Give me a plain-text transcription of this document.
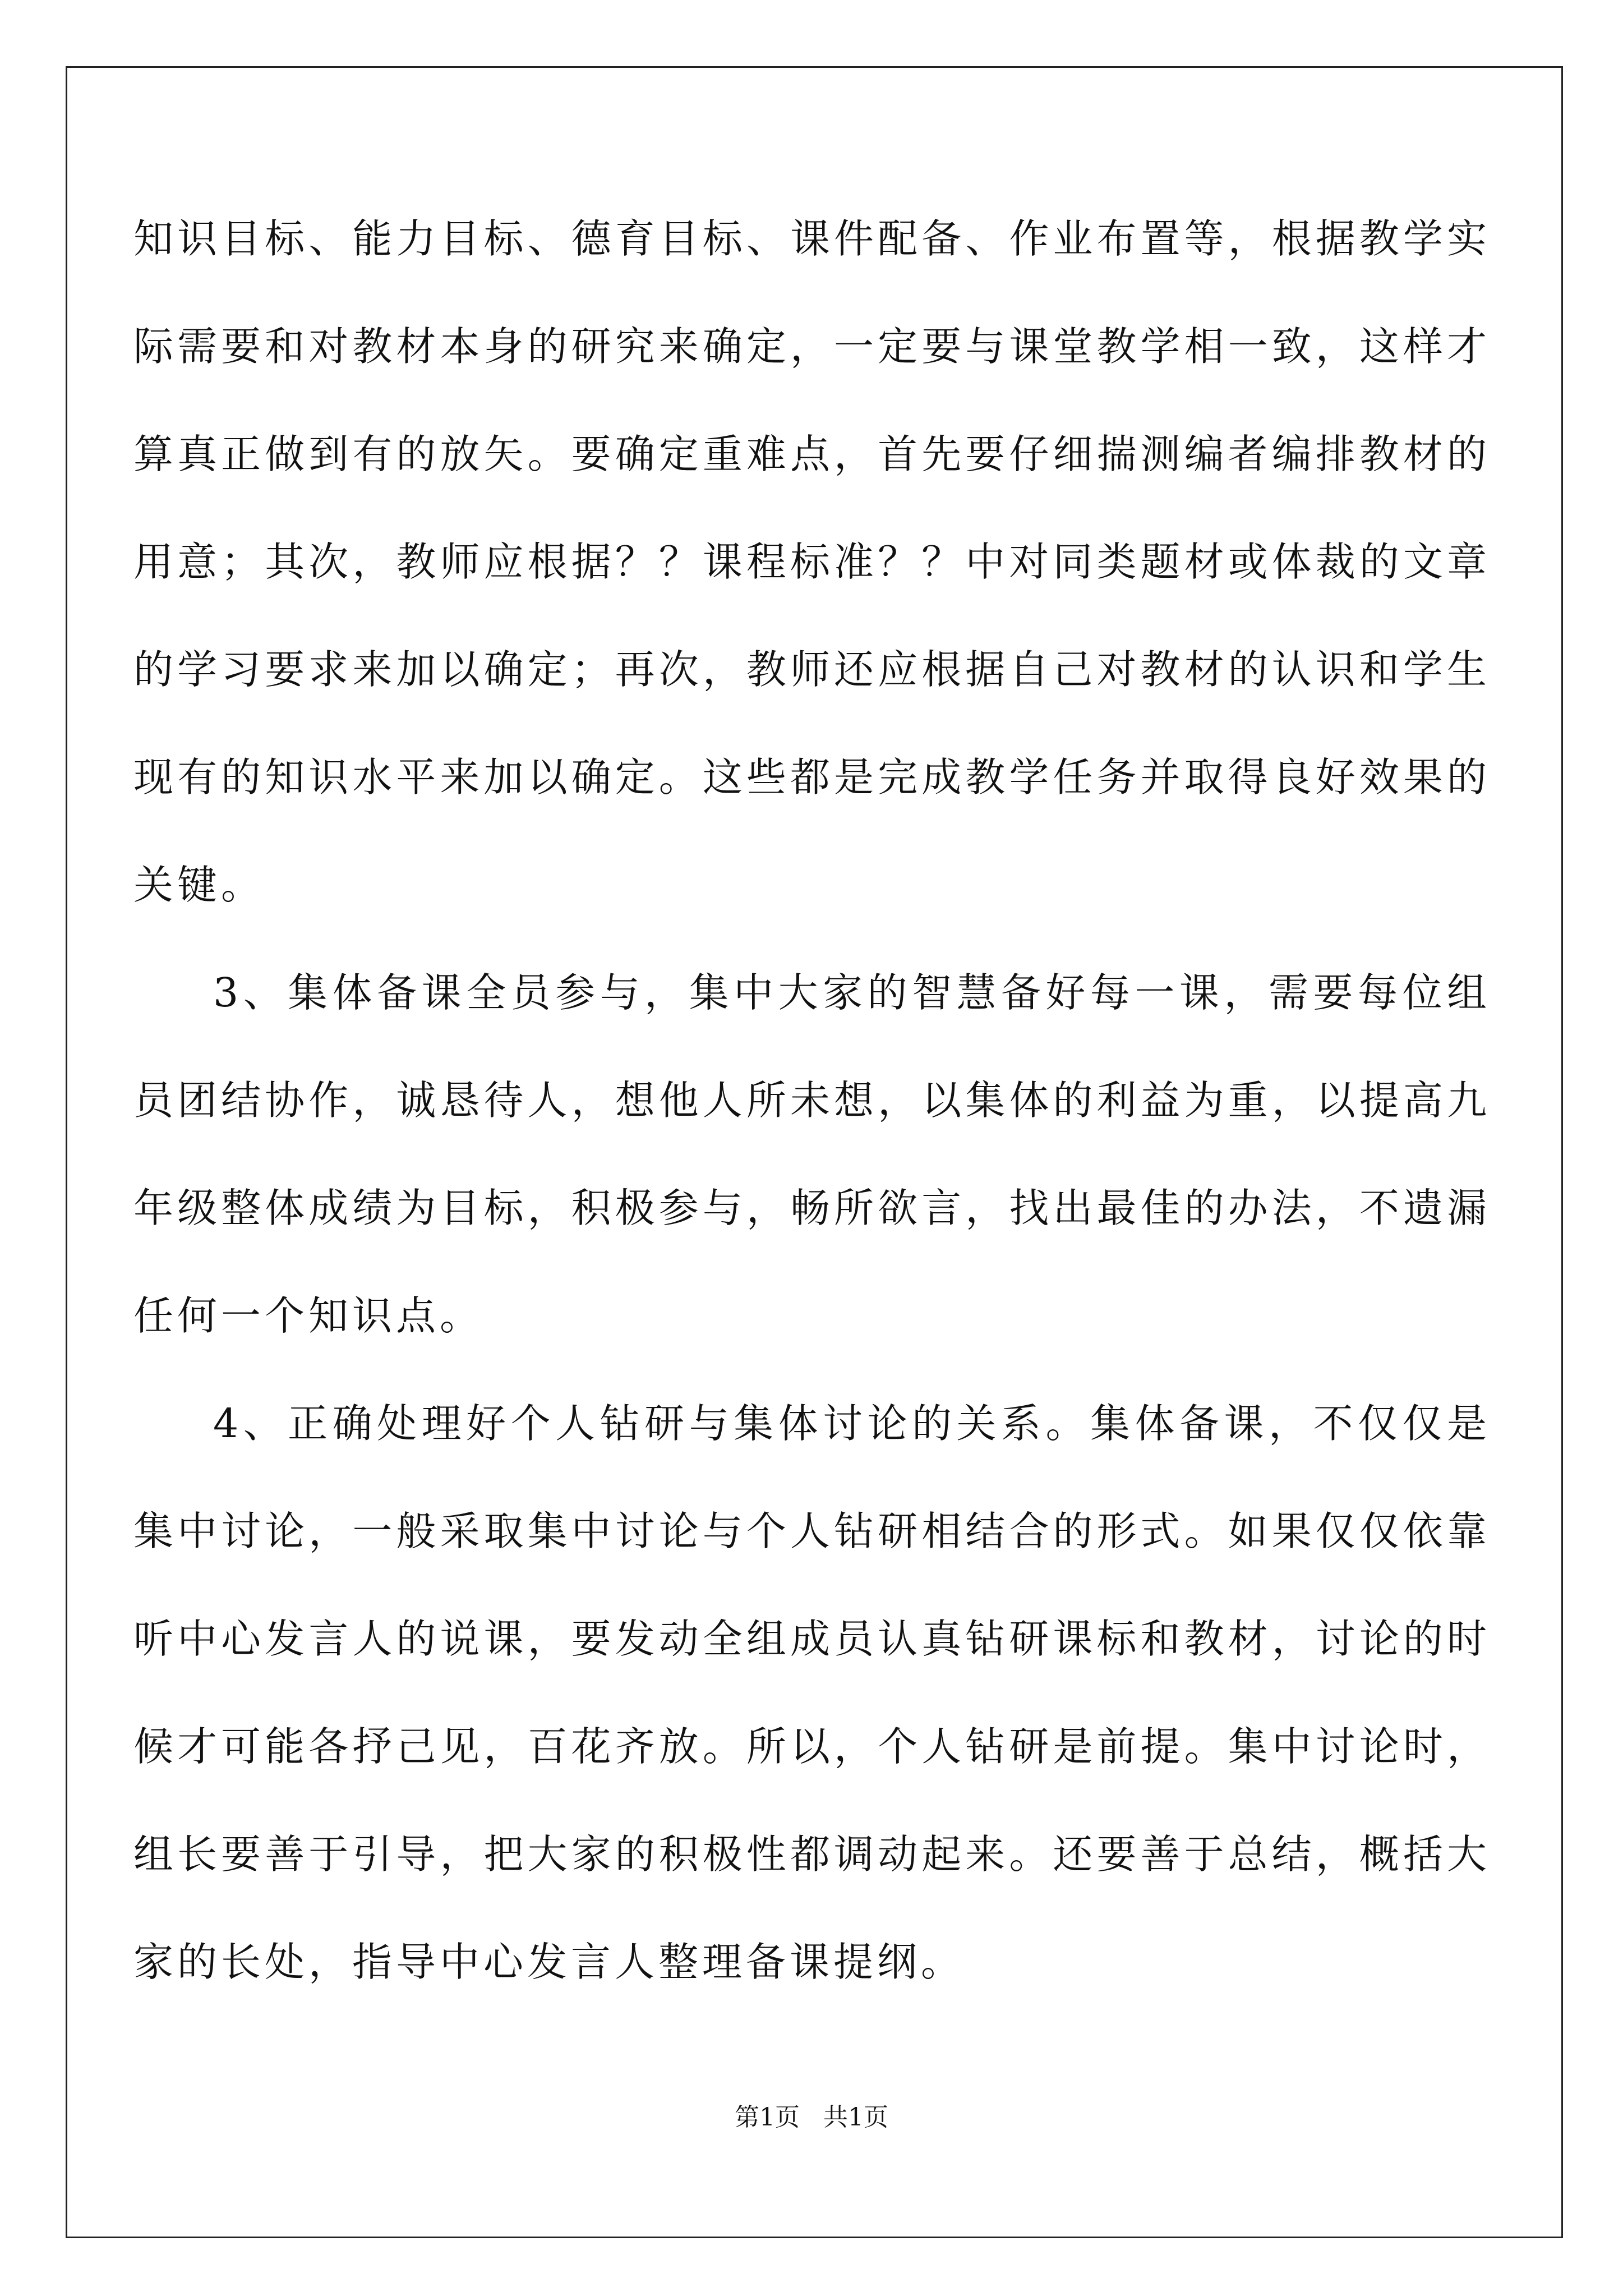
知识目标、能力目标、德育目标、课件配备、作业布置等，根据教学实际需要和对教材本身的研究来确定，一定要与课堂教学相一致，这样才算真正做到有的放矢。要确定重难点，首先要仔细揣测编者编排教材的用意；其次，教师应根据？？课程标准？？中对同类题材或体裁的文章的学习要求来加以确定；再次，教师还应根据自己对教材的认识和学生现有的知识水平来加以确定。这些都是完成教学任务并取得良好效果的关键。

3、集体备课全员参与，集中大家的智慧备好每一课，需要每位组员团结协作，诚恳待人，想他人所未想，以集体的利益为重，以提高九年级整体成绩为目标，积极参与，畅所欲言，找出最佳的办法，不遗漏任何一个知识点。

4、正确处理好个人钻研与集体讨论的关系。集体备课，不仅仅是集中讨论，一般采取集中讨论与个人钻研相结合的形式。如果仅仅依靠听中心发言人的说课，要发动全组成员认真钻研课标和教材，讨论的时候才可能各抒己见，百花齐放。所以，个人钻研是前提。集中讨论时，组长要善于引导，把大家的积极性都调动起来。还要善于总结，概括大家的长处，指导中心发言人整理备课提纲。

第1页 共1页
